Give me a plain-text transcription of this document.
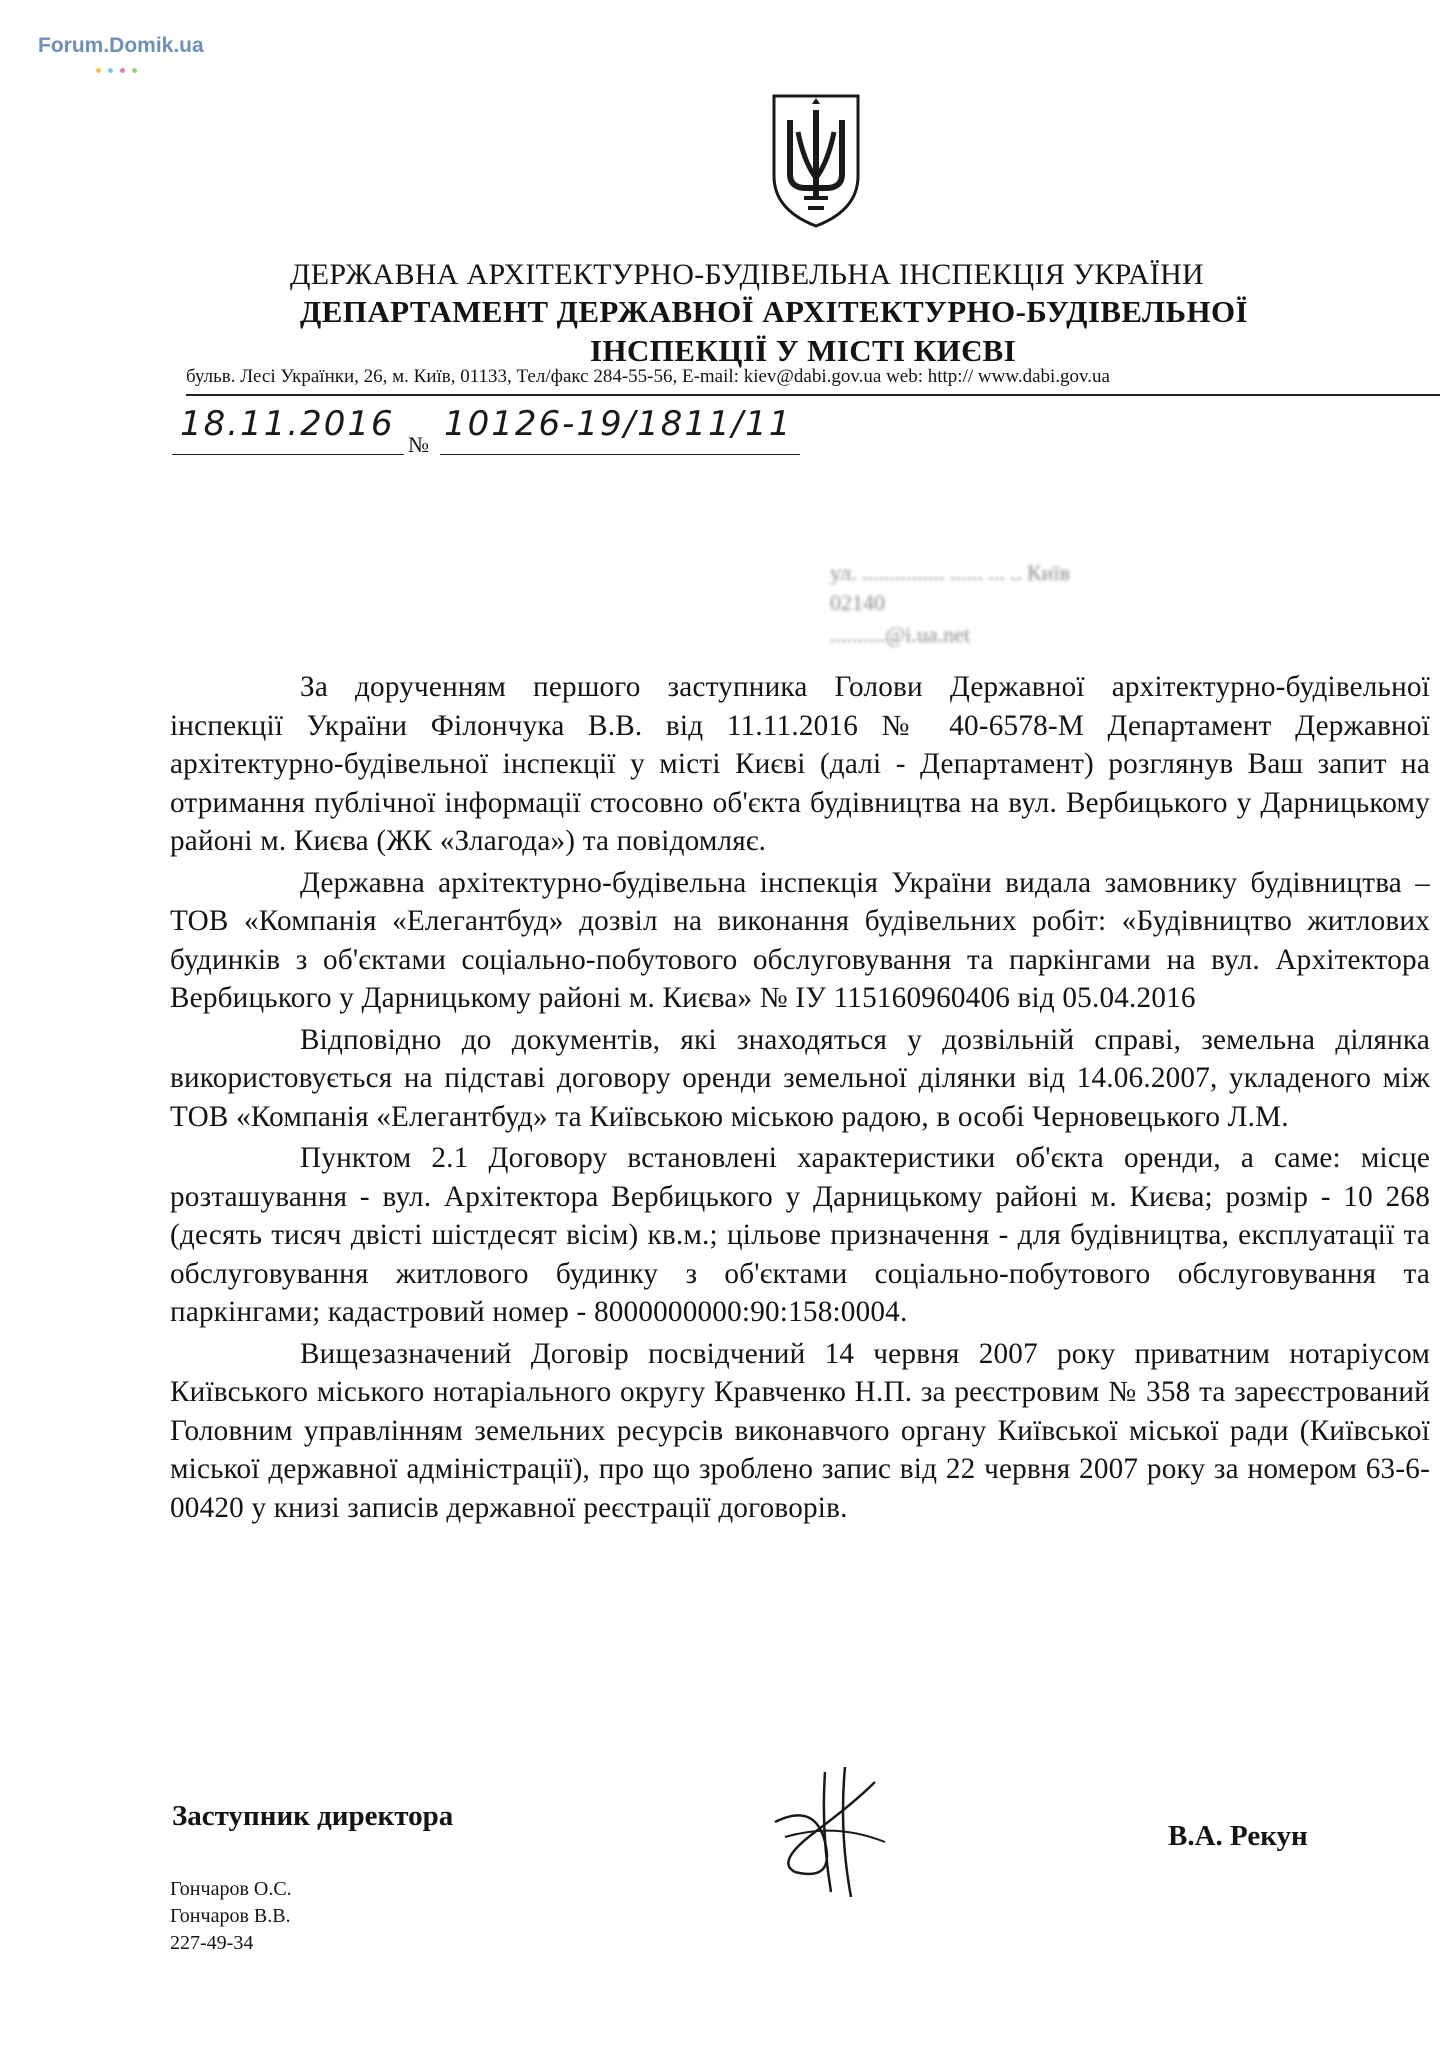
Forum.Domik.ua
ДЕРЖАВНА АРХІТЕКТУРНО-БУДІВЕЛЬНА ІНСПЕКЦІЯ УКРАЇНИ
ДЕПАРТАМЕНТ ДЕРЖАВНОЇ АРХІТЕКТУРНО-БУДІВЕЛЬНОЇ
ІНСПЕКЦІЇ У МІСТІ КИЄВІ
бульв. Лесі Українки, 26, м. Київ, 01133, Тел/факс 284-55-56, E-mail: kiev@dabi.gov.ua web: http:// www.dabi.gov.ua
18.11.2016
№
10126-19/1811/11
ул. ............... ...... ... .. Київ
02140
..........@i.ua.net

За дорученням першого заступника Голови Державної архітектурно-будівельної інспекції України Філончука В.В. від 11.11.2016 № 40-6578-М Департамент Державної архітектурно-будівельної інспекції у місті Києві (далі - Департамент) розглянув Ваш запит на отримання публічної інформації стосовно об'єкта будівництва на вул. Вербицького у Дарницькому районі м. Києва (ЖК «Злагода») та повідомляє.

Державна архітектурно-будівельна інспекція України видала замовнику будівництва – ТОВ «Компанія «Елегантбуд» дозвіл на виконання будівельних робіт: «Будівництво житлових будинків з об'єктами соціально-побутового обслуговування та паркінгами на вул. Архітектора Вербицького у Дарницькому районі м. Києва» № ІУ 115160960406 від 05.04.2016

Відповідно до документів, які знаходяться у дозвільній справі, земельна ділянка використовується на підставі договору оренди земельної ділянки від 14.06.2007, укладеного між ТОВ «Компанія «Елегантбуд» та Київською міською радою, в особі Черновецького Л.М.

Пунктом 2.1 Договору встановлені характеристики об'єкта оренди, а саме: місце розташування - вул. Архітектора Вербицького у Дарницькому районі м. Києва; розмір - 10 268 (десять тисяч двісті шістдесят вісім) кв.м.; цільове призначення - для будівництва, експлуатації та обслуговування житлового будинку з об'єктами соціально-побутового обслуговування та паркінгами; кадастровий номер - 8000000000:90:158:0004.

Вищезазначений Договір посвідчений 14 червня 2007 року приватним нотаріусом Київського міського нотаріального округу Кравченко Н.П. за реєстровим № 358 та зареєстрований Головним управлінням земельних ресурсів виконавчого органу Київської міської ради (Київської міської державної адміністрації), про що зроблено запис від 22 червня 2007 року за номером 63-6-00420 у книзі записів державної реєстрації договорів.

Заступник директора
В.А. Рекун
Гончаров О.С.
Гончаров В.В.
227-49-34
